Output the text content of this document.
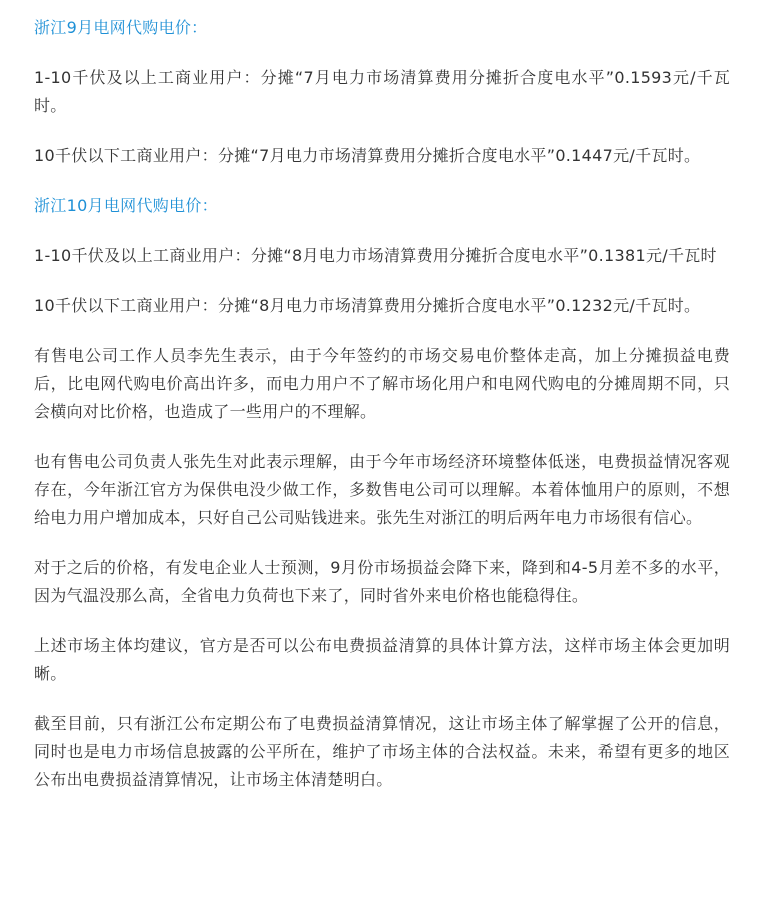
浙江9月电网代购电价：

1-10千伏及以上工商业用户：分摊“7月电力市场清算费用分摊折合度电水平”0.1593元/千瓦时。

10千伏以下工商业用户：分摊“7月电力市场清算费用分摊折合度电水平”0.1447元/千瓦时。

浙江10月电网代购电价：

1-10千伏及以上工商业用户：分摊“8月电力市场清算费用分摊折合度电水平”0.1381元/千瓦时

10千伏以下工商业用户：分摊“8月电力市场清算费用分摊折合度电水平”0.1232元/千瓦时。

有售电公司工作人员李先生表示，由于今年签约的市场交易电价整体走高，加上分摊损益电费后，比电网代购电价高出许多，而电力用户不了解市场化用户和电网代购电的分摊周期不同，只会横向对比价格，也造成了一些用户的不理解。

也有售电公司负责人张先生对此表示理解，由于今年市场经济环境整体低迷，电费损益情况客观存在，今年浙江官方为保供电没少做工作，多数售电公司可以理解。本着体恤用户的原则，不想给电力用户增加成本，只好自己公司贴钱进来。张先生对浙江的明后两年电力市场很有信心。

对于之后的价格，有发电企业人士预测，9月份市场损益会降下来，降到和4-5月差不多的水平，因为气温没那么高，全省电力负荷也下来了，同时省外来电价格也能稳得住。

上述市场主体均建议，官方是否可以公布电费损益清算的具体计算方法，这样市场主体会更加明晰。

截至目前，只有浙江公布定期公布了电费损益清算情况，这让市场主体了解掌握了公开的信息，同时也是电力市场信息披露的公平所在，维护了市场主体的合法权益。未来，希望有更多的地区公布出电费损益清算情况，让市场主体清楚明白。
